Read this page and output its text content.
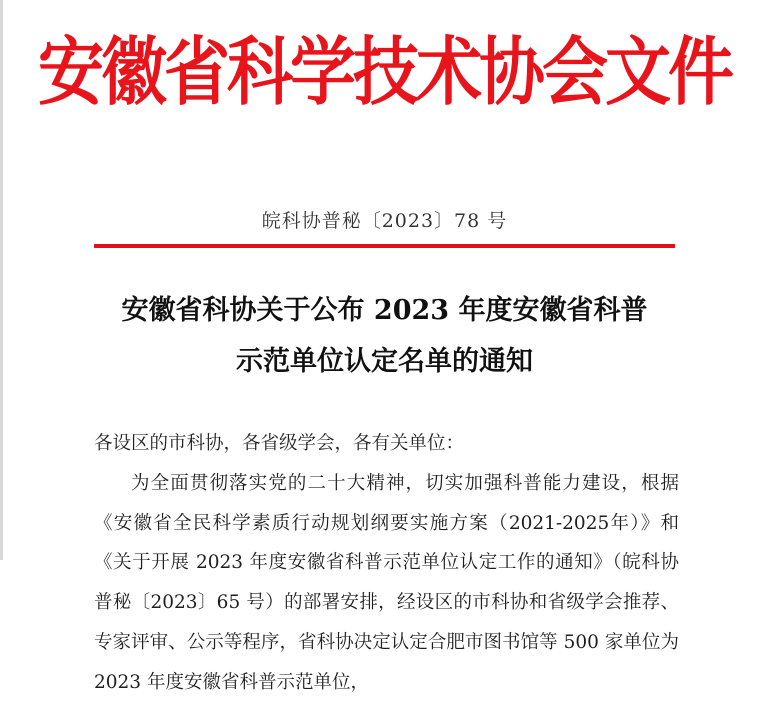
安徽省科学技术协会文件
皖科协普秘〔2023〕78 号
安徽省科协关于公布 2023 年度安徽省科普
示范单位认定名单的通知

各设区的市科协，各省级学会，各有关单位：

为全面贯彻落实党的二十大精神，切实加强科普能力建设，根据《安徽省全民科学素质行动规划纲要实施方案（2021-2025年）》和《关于开展 2023 年度安徽省科普示范单位认定工作的通知》（皖科协普秘〔2023〕65 号）的部署安排，经设区的市科协和省级学会推荐、专家评审、公示等程序，省科协决定认定合肥市图书馆等 500 家单位为 2023 年度安徽省科普示范单位，
